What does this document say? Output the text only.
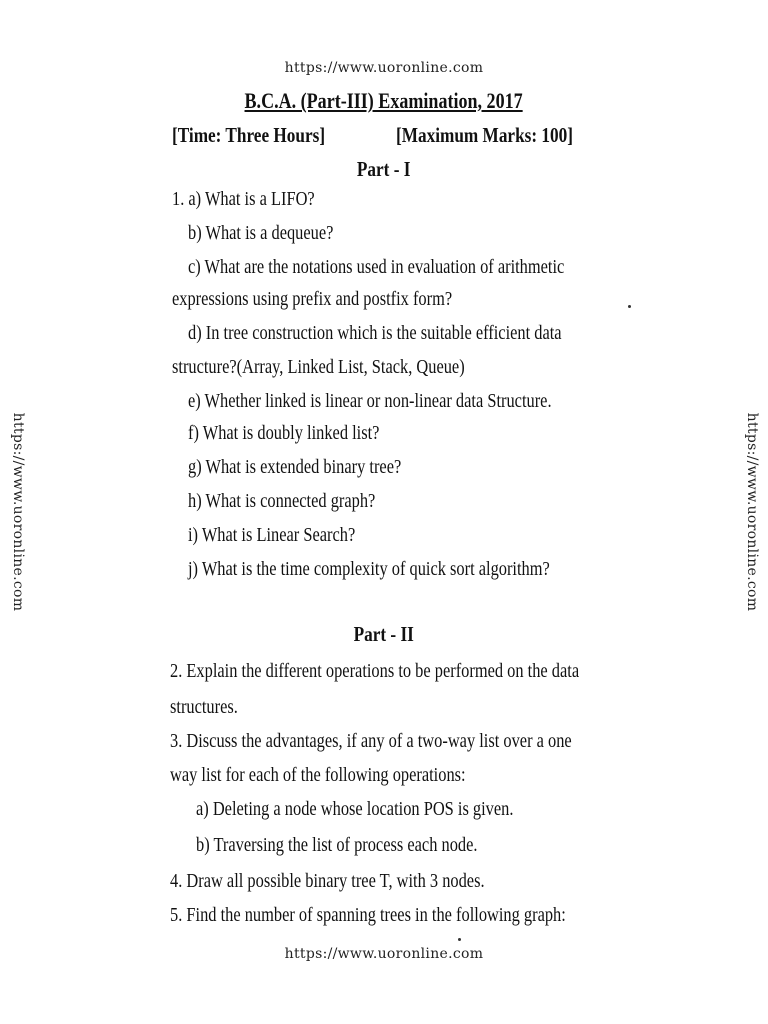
https://www.uoronline.com
https://www.uoronline.com
https://www.uoronline.com	https://www.uoronline.com
B.C.A. (Part-III) Examination, 2017
[Time: Three Hours]	[Maximum Marks: 100]
Part - I
1. a) What is a LIFO?
b) What is a dequeue?
c) What are the notations used in evaluation of arithmetic
expressions using prefix and postfix form?
d) In tree construction which is the suitable efficient data
structure?(Array, Linked List, Stack, Queue)
e) Whether linked is linear or non-linear data Structure.
f) What is doubly linked list?
g) What is extended binary tree?
h) What is connected graph?
i) What is Linear Search?
j) What is the time complexity of quick sort algorithm?
Part - II
2. Explain the different operations to be performed on the data
structures.
3. Discuss the advantages, if any of a two-way list over a one
way list for each of the following operations:
a) Deleting a node whose location POS is given.
b) Traversing the list of process each node.
4. Draw all possible binary tree T, with 3 nodes.
5. Find the number of spanning trees in the following graph:
